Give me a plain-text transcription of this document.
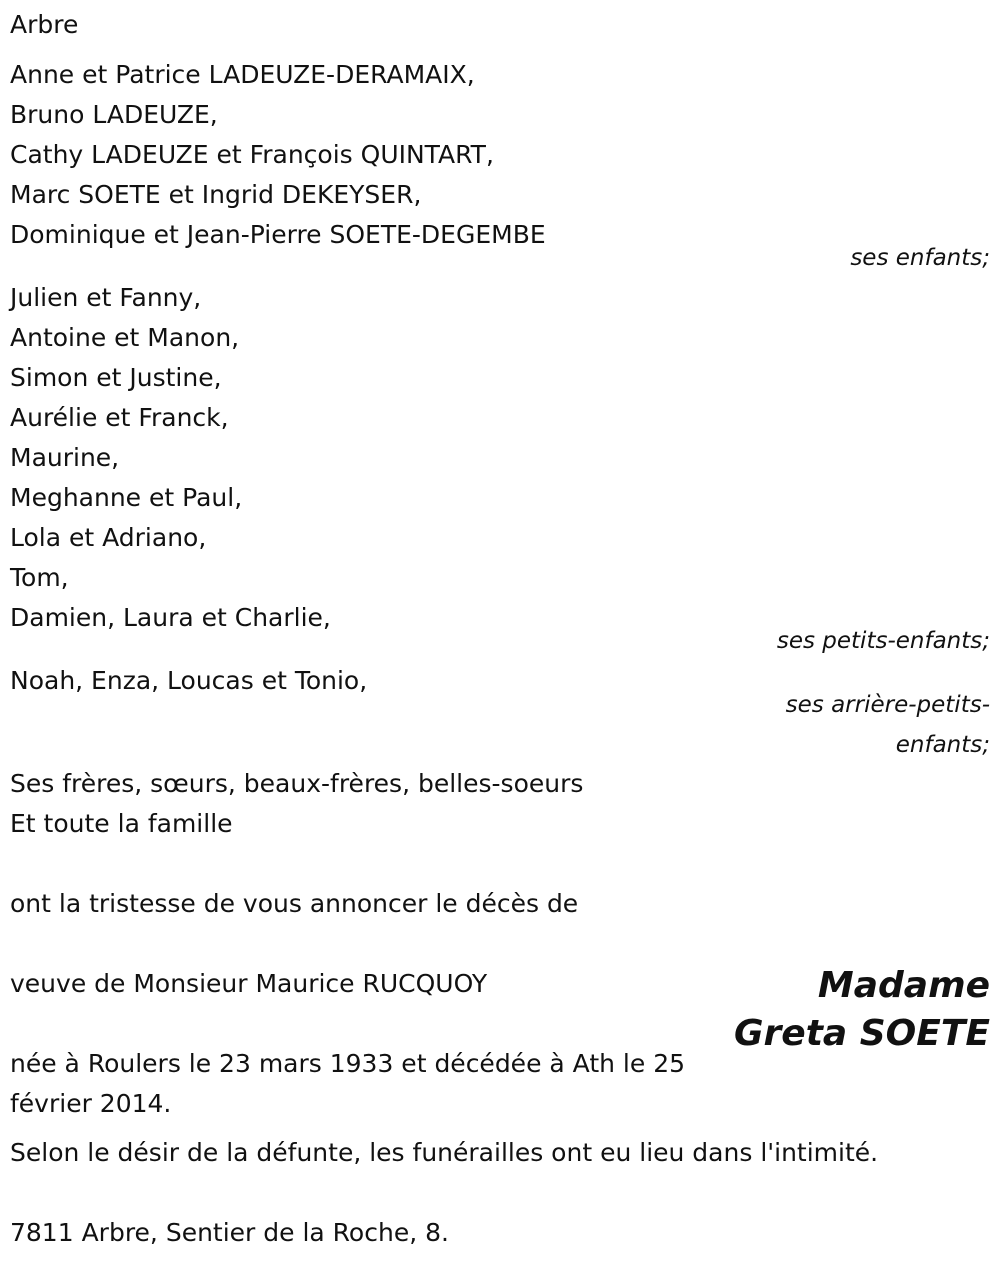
Arbre
Anne et Patrice LADEUZE-DERAMAIX,
Bruno LADEUZE,
Cathy LADEUZE et François QUINTART,
Marc SOETE et Ingrid DEKEYSER,
Dominique et Jean-Pierre SOETE-DEGEMBE
ses enfants;
Julien et Fanny,
Antoine et Manon,
Simon et Justine,
Aurélie et Franck,
Maurine,
Meghanne et Paul,
Lola et Adriano,
Tom,
Damien, Laura et Charlie,
ses petits-enfants;
Noah, Enza, Loucas et Tonio,
ses arrière-petits-
enfants;
Ses frères, sœurs, beaux-frères, belles-soeurs
Et toute la famille
ont la tristesse de vous annoncer le décès de
veuve de Monsieur Maurice RUCQUOY	Madame
Greta SOETE
née à Roulers le 23 mars 1933 et décédée à Ath le 25
février 2014.
Selon le désir de la défunte, les funérailles ont eu lieu dans l'intimité.
7811 Arbre, Sentier de la Roche, 8.
